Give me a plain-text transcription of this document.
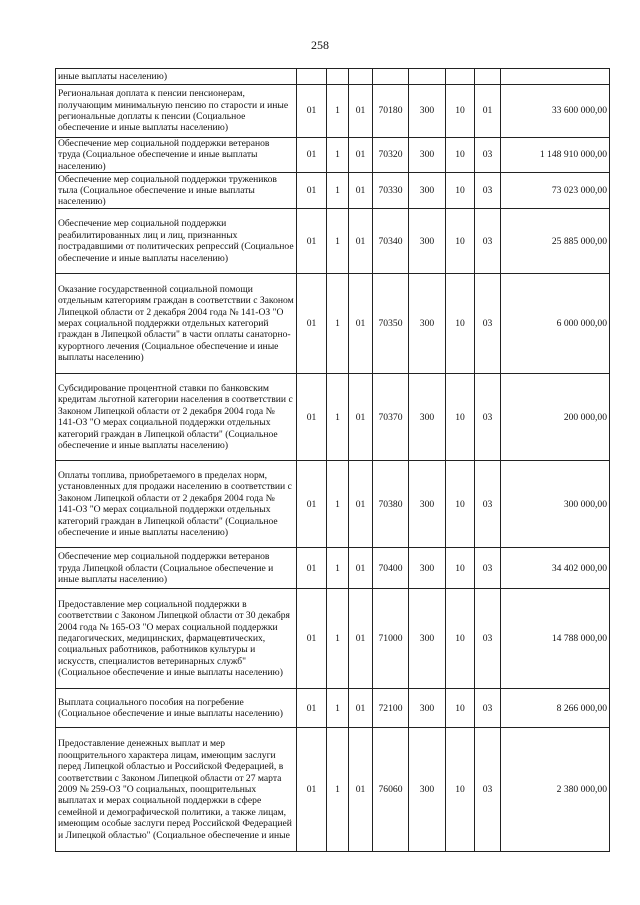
258
иные выплаты населению)								
Региональная доплата к пенсии пенсионерам, получающим минимальную пенсию по старости и иные региональные доплаты к пенсии (Социальное обеспечение и иные выплаты населению)	01	1	01	70180	300	10	01	33 600 000,00
Обеспечение мер социальной поддержки ветеранов труда (Социальное обеспечение и иные выплаты населению)	01	1	01	70320	300	10	03	1 148 910 000,00
Обеспечение мер социальной поддержки тружеников тыла (Социальное обеспечение и иные выплаты населению)	01	1	01	70330	300	10	03	73 023 000,00
Обеспечение мер социальной поддержки реабилитированных лиц и лиц, признанных пострадавшими от политических репрессий (Социальное обеспечение и иные выплаты населению)	01	1	01	70340	300	10	03	25 885 000,00
Оказание государственной социальной помощи отдельным категориям граждан в соответствии с Законом Липецкой области от 2 декабря 2004 года № 141-ОЗ "О мерах социальной поддержки отдельных категорий граждан в Липецкой области" в части оплаты санаторно-курортного лечения (Социальное обеспечение и иные выплаты населению)	01	1	01	70350	300	10	03	6 000 000,00
Субсидирование процентной ставки по банковским кредитам льготной категории населения в соответствии с Законом Липецкой области от 2 декабря 2004 года № 141-ОЗ "О мерах социальной поддержки отдельных категорий граждан в Липецкой области" (Социальное обеспечение и иные выплаты населению)	01	1	01	70370	300	10	03	200 000,00
Оплаты топлива, приобретаемого в пределах норм, установленных для продажи населению в соответствии с Законом Липецкой области от 2 декабря 2004 года № 141-ОЗ "О мерах социальной поддержки отдельных категорий граждан в Липецкой области" (Социальное обеспечение и иные выплаты населению)	01	1	01	70380	300	10	03	300 000,00
Обеспечение мер социальной поддержки ветеранов труда Липецкой области (Социальное обеспечение и иные выплаты населению)	01	1	01	70400	300	10	03	34 402 000,00
Предоставление мер социальной поддержки в соответствии с Законом Липецкой области от 30 декабря 2004 года № 165-ОЗ "О мерах социальной поддержки педагогических, медицинских, фармацевтических, социальных работников, работников культуры и искусств, специалистов ветеринарных служб" (Социальное обеспечение и иные выплаты населению)	01	1	01	71000	300	10	03	14 788 000,00
Выплата социального пособия на погребение (Социальное обеспечение и иные выплаты населению)	01	1	01	72100	300	10	03	8 266 000,00
Предоставление денежных выплат и мер поощрительного характера лицам, имеющим заслуги перед Липецкой областью и Российской Федерацией, в соответствии с Законом Липецкой области от 27 марта 2009 № 259-ОЗ "О социальных, поощрительных выплатах и мерах социальной поддержки в сфере семейной и демографической политики, а также лицам, имеющим особые заслуги перед Российской Федерацией и Липецкой областью" (Социальное обеспечение и иные	01	1	01	76060	300	10	03	2 380 000,00
